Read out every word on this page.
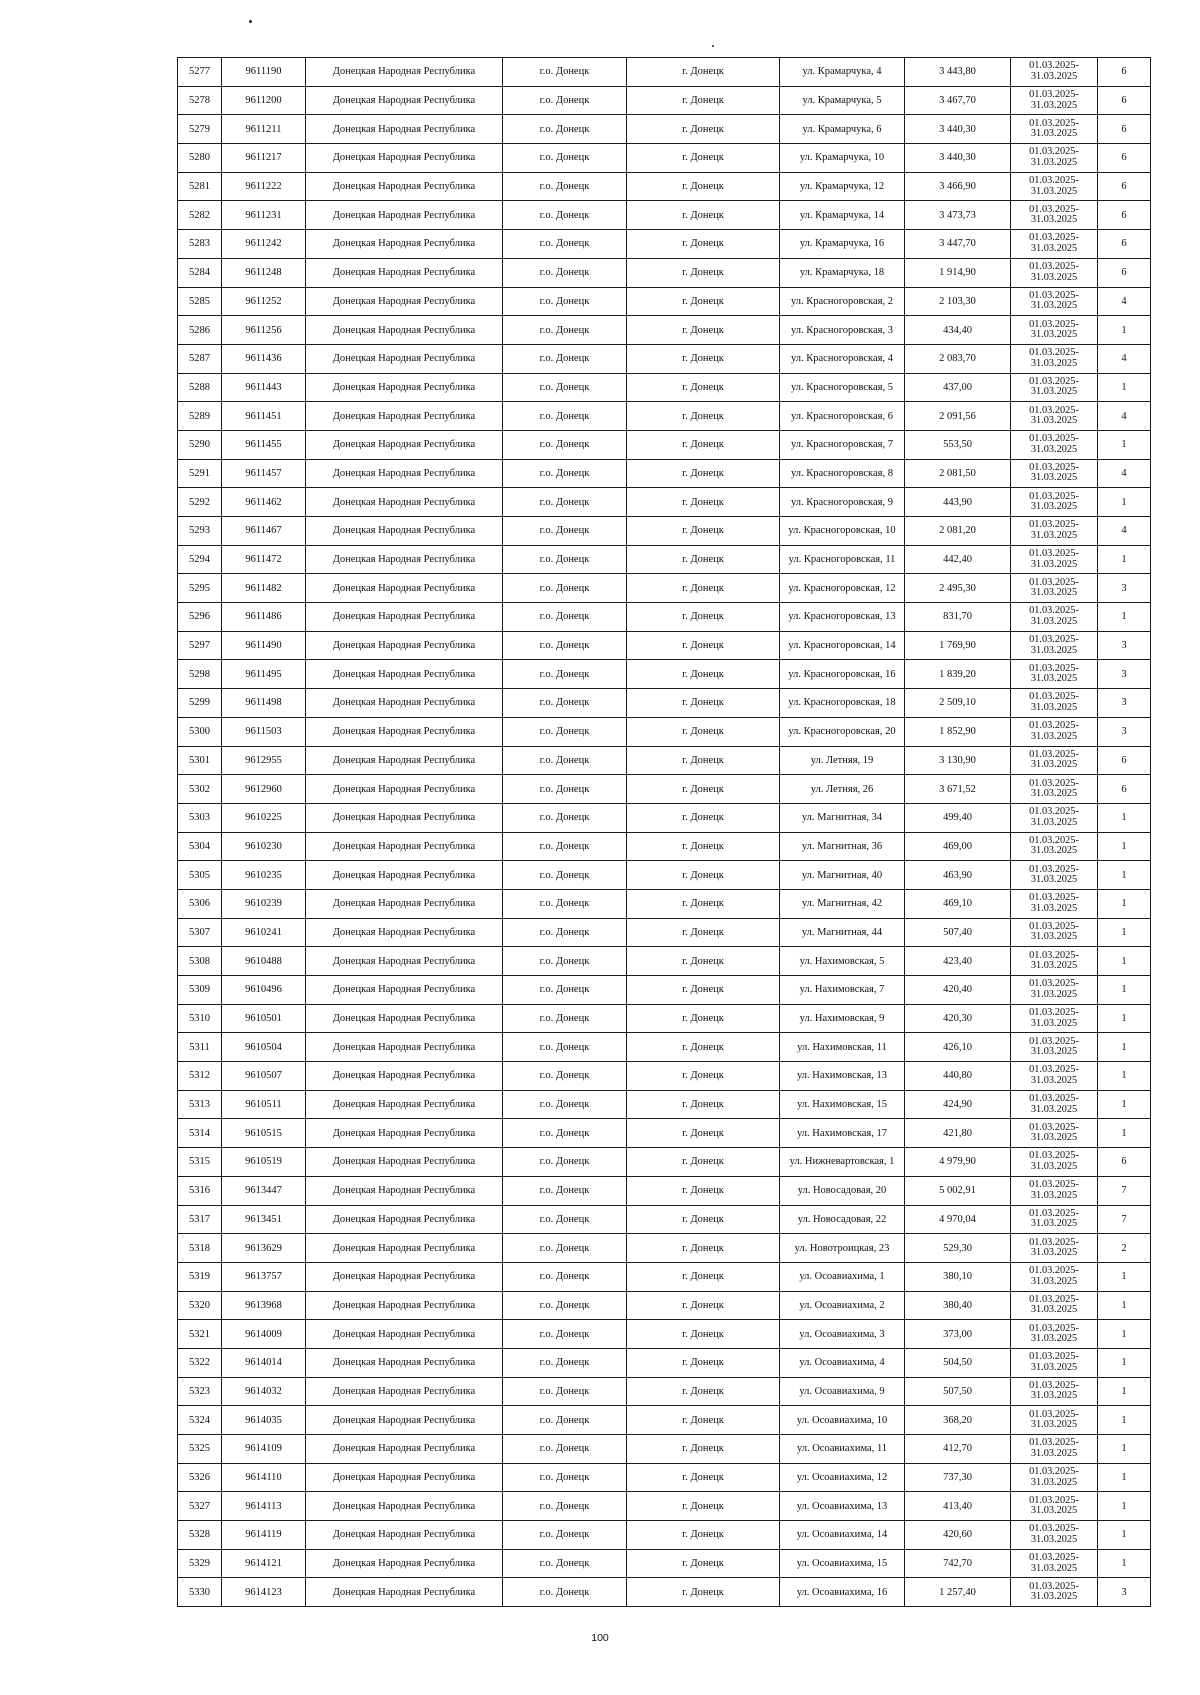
5277	9611190	Донецкая Народная Республика	г.о. Донецк	г. Донецк	ул. Крамарчука, 4	3 443,80	01.03.2025-31.03.2025	6
5278	9611200	Донецкая Народная Республика	г.о. Донецк	г. Донецк	ул. Крамарчука, 5	3 467,70	01.03.2025-31.03.2025	6
5279	9611211	Донецкая Народная Республика	г.о. Донецк	г. Донецк	ул. Крамарчука, 6	3 440,30	01.03.2025-31.03.2025	6
5280	9611217	Донецкая Народная Республика	г.о. Донецк	г. Донецк	ул. Крамарчука, 10	3 440,30	01.03.2025-31.03.2025	6
5281	9611222	Донецкая Народная Республика	г.о. Донецк	г. Донецк	ул. Крамарчука, 12	3 466,90	01.03.2025-31.03.2025	6
5282	9611231	Донецкая Народная Республика	г.о. Донецк	г. Донецк	ул. Крамарчука, 14	3 473,73	01.03.2025-31.03.2025	6
5283	9611242	Донецкая Народная Республика	г.о. Донецк	г. Донецк	ул. Крамарчука, 16	3 447,70	01.03.2025-31.03.2025	6
5284	9611248	Донецкая Народная Республика	г.о. Донецк	г. Донецк	ул. Крамарчука, 18	1 914,90	01.03.2025-31.03.2025	6
5285	9611252	Донецкая Народная Республика	г.о. Донецк	г. Донецк	ул. Красногоровская, 2	2 103,30	01.03.2025-31.03.2025	4
5286	9611256	Донецкая Народная Республика	г.о. Донецк	г. Донецк	ул. Красногоровская, 3	434,40	01.03.2025-31.03.2025	1
5287	9611436	Донецкая Народная Республика	г.о. Донецк	г. Донецк	ул. Красногоровская, 4	2 083,70	01.03.2025-31.03.2025	4
5288	9611443	Донецкая Народная Республика	г.о. Донецк	г. Донецк	ул. Красногоровская, 5	437,00	01.03.2025-31.03.2025	1
5289	9611451	Донецкая Народная Республика	г.о. Донецк	г. Донецк	ул. Красногоровская, 6	2 091,56	01.03.2025-31.03.2025	4
5290	9611455	Донецкая Народная Республика	г.о. Донецк	г. Донецк	ул. Красногоровская, 7	553,50	01.03.2025-31.03.2025	1
5291	9611457	Донецкая Народная Республика	г.о. Донецк	г. Донецк	ул. Красногоровская, 8	2 081,50	01.03.2025-31.03.2025	4
5292	9611462	Донецкая Народная Республика	г.о. Донецк	г. Донецк	ул. Красногоровская, 9	443,90	01.03.2025-31.03.2025	1
5293	9611467	Донецкая Народная Республика	г.о. Донецк	г. Донецк	ул. Красногоровская, 10	2 081,20	01.03.2025-31.03.2025	4
5294	9611472	Донецкая Народная Республика	г.о. Донецк	г. Донецк	ул. Красногоровская, 11	442,40	01.03.2025-31.03.2025	1
5295	9611482	Донецкая Народная Республика	г.о. Донецк	г. Донецк	ул. Красногоровская, 12	2 495,30	01.03.2025-31.03.2025	3
5296	9611486	Донецкая Народная Республика	г.о. Донецк	г. Донецк	ул. Красногоровская, 13	831,70	01.03.2025-31.03.2025	1
5297	9611490	Донецкая Народная Республика	г.о. Донецк	г. Донецк	ул. Красногоровская, 14	1 769,90	01.03.2025-31.03.2025	3
5298	9611495	Донецкая Народная Республика	г.о. Донецк	г. Донецк	ул. Красногоровская, 16	1 839,20	01.03.2025-31.03.2025	3
5299	9611498	Донецкая Народная Республика	г.о. Донецк	г. Донецк	ул. Красногоровская, 18	2 509,10	01.03.2025-31.03.2025	3
5300	9611503	Донецкая Народная Республика	г.о. Донецк	г. Донецк	ул. Красногоровская, 20	1 852,90	01.03.2025-31.03.2025	3
5301	9612955	Донецкая Народная Республика	г.о. Донецк	г. Донецк	ул. Летняя, 19	3 130,90	01.03.2025-31.03.2025	6
5302	9612960	Донецкая Народная Республика	г.о. Донецк	г. Донецк	ул. Летняя, 26	3 671,52	01.03.2025-31.03.2025	6
5303	9610225	Донецкая Народная Республика	г.о. Донецк	г. Донецк	ул. Магнитная, 34	499,40	01.03.2025-31.03.2025	1
5304	9610230	Донецкая Народная Республика	г.о. Донецк	г. Донецк	ул. Магнитная, 36	469,00	01.03.2025-31.03.2025	1
5305	9610235	Донецкая Народная Республика	г.о. Донецк	г. Донецк	ул. Магнитная, 40	463,90	01.03.2025-31.03.2025	1
5306	9610239	Донецкая Народная Республика	г.о. Донецк	г. Донецк	ул. Магнитная, 42	469,10	01.03.2025-31.03.2025	1
5307	9610241	Донецкая Народная Республика	г.о. Донецк	г. Донецк	ул. Магнитная, 44	507,40	01.03.2025-31.03.2025	1
5308	9610488	Донецкая Народная Республика	г.о. Донецк	г. Донецк	ул. Нахимовская, 5	423,40	01.03.2025-31.03.2025	1
5309	9610496	Донецкая Народная Республика	г.о. Донецк	г. Донецк	ул. Нахимовская, 7	420,40	01.03.2025-31.03.2025	1
5310	9610501	Донецкая Народная Республика	г.о. Донецк	г. Донецк	ул. Нахимовская, 9	420,30	01.03.2025-31.03.2025	1
5311	9610504	Донецкая Народная Республика	г.о. Донецк	г. Донецк	ул. Нахимовская, 11	426,10	01.03.2025-31.03.2025	1
5312	9610507	Донецкая Народная Республика	г.о. Донецк	г. Донецк	ул. Нахимовская, 13	440,80	01.03.2025-31.03.2025	1
5313	9610511	Донецкая Народная Республика	г.о. Донецк	г. Донецк	ул. Нахимовская, 15	424,90	01.03.2025-31.03.2025	1
5314	9610515	Донецкая Народная Республика	г.о. Донецк	г. Донецк	ул. Нахимовская, 17	421,80	01.03.2025-31.03.2025	1
5315	9610519	Донецкая Народная Республика	г.о. Донецк	г. Донецк	ул. Нижневартовская, 1	4 979,90	01.03.2025-31.03.2025	6
5316	9613447	Донецкая Народная Республика	г.о. Донецк	г. Донецк	ул. Новосадовая, 20	5 002,91	01.03.2025-31.03.2025	7
5317	9613451	Донецкая Народная Республика	г.о. Донецк	г. Донецк	ул. Новосадовая, 22	4 970,04	01.03.2025-31.03.2025	7
5318	9613629	Донецкая Народная Республика	г.о. Донецк	г. Донецк	ул. Новотроицкая, 23	529,30	01.03.2025-31.03.2025	2
5319	9613757	Донецкая Народная Республика	г.о. Донецк	г. Донецк	ул. Осоавиахима, 1	380,10	01.03.2025-31.03.2025	1
5320	9613968	Донецкая Народная Республика	г.о. Донецк	г. Донецк	ул. Осоавиахима, 2	380,40	01.03.2025-31.03.2025	1
5321	9614009	Донецкая Народная Республика	г.о. Донецк	г. Донецк	ул. Осоавиахима, 3	373,00	01.03.2025-31.03.2025	1
5322	9614014	Донецкая Народная Республика	г.о. Донецк	г. Донецк	ул. Осоавиахима, 4	504,50	01.03.2025-31.03.2025	1
5323	9614032	Донецкая Народная Республика	г.о. Донецк	г. Донецк	ул. Осоавиахима, 9	507,50	01.03.2025-31.03.2025	1
5324	9614035	Донецкая Народная Республика	г.о. Донецк	г. Донецк	ул. Осоавиахима, 10	368,20	01.03.2025-31.03.2025	1
5325	9614109	Донецкая Народная Республика	г.о. Донецк	г. Донецк	ул. Осоавиахима, 11	412,70	01.03.2025-31.03.2025	1
5326	9614110	Донецкая Народная Республика	г.о. Донецк	г. Донецк	ул. Осоавиахима, 12	737,30	01.03.2025-31.03.2025	1
5327	9614113	Донецкая Народная Республика	г.о. Донецк	г. Донецк	ул. Осоавиахима, 13	413,40	01.03.2025-31.03.2025	1
5328	9614119	Донецкая Народная Республика	г.о. Донецк	г. Донецк	ул. Осоавиахима, 14	420,60	01.03.2025-31.03.2025	1
5329	9614121	Донецкая Народная Республика	г.о. Донецк	г. Донецк	ул. Осоавиахима, 15	742,70	01.03.2025-31.03.2025	1
5330	9614123	Донецкая Народная Республика	г.о. Донецк	г. Донецк	ул. Осоавиахима, 16	1 257,40	01.03.2025-31.03.2025	3
100
